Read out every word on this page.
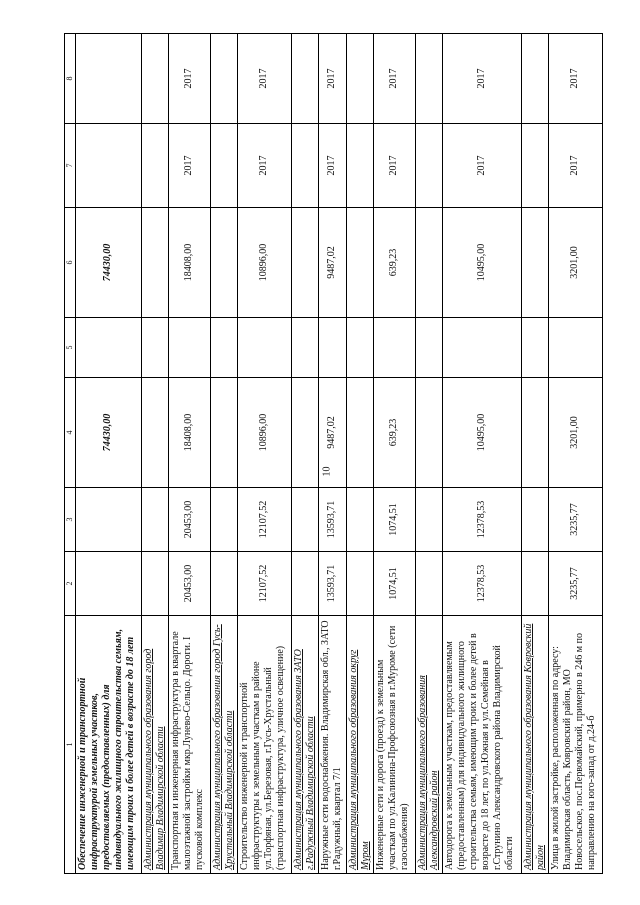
10
1	2	3	4	5	6	7	8
Обеспечение инженерной и транспортной инфраструктурой земельных участков, предоставляемых (предоставленных) для индивидуального жилищного строительства семьям, имеющим троих и более детей в возрасте до 18 лет			74430,00		74430,00		
Администрация муниципального образования город Владимир Владимирской области							
Транспортная и инженерная инфраструктура в квартале малоэтажной застройки мкр.Лунево-Сельцо. Дороги. I пусковой комплекс	20453,00	20453,00	18408,00		18408,00	2017	2017
Администрация муниципального образования город Гусь-Хрустальный Владимирской области							
Строительство инженерной и транспортной инфраструктуры к земельным участкам в районе ул.Торфяная, ул.Березовая, г.Гусь-Хрустальный (транспортная инфраструктура, уличное освещение)	12107,52	12107,52	10896,00		10896,00	2017	2017
Администрация муниципального образования ЗАТО г.Радужный Владимирской области							
Наружные сети водоснабжения. Владимирская обл., ЗАТО г.Радужный, квартал 7/1	13593,71	13593,71	9487,02		9487,02	2017	2017
Администрация муниципального образования округ Муром							
Инженерные сети и дорога (проезд) к земельным участкам по ул.Калинина-Профсоюзная в г.Муроме (сети газоснабжения)	1074,51	1074,51	639,23		639,23	2017	2017
Администрация муниципального образования Александровский район							
Автодорога к земельным участкам, предоставляемым (предоставленным) для индивидуального жилищного строительства семьям, имеющим троих и более детей в возрасте до 18 лет, по ул.Южная и ул.Семейная в г.Струнино Александровского района Владимирской области	12378,53	12378,53	10495,00		10495,00	2017	2017
Администрация муниципального образования Ковровский район							
Улица в жилой застройке, расположенная по адресу: Владимирская область, Ковровский район, МО Новосельское, пос.Первомайский, примерно в 246 м по направлению на юго-запад от д.24-б	3235,77	3235,77	3201,00		3201,00	2017	2017
